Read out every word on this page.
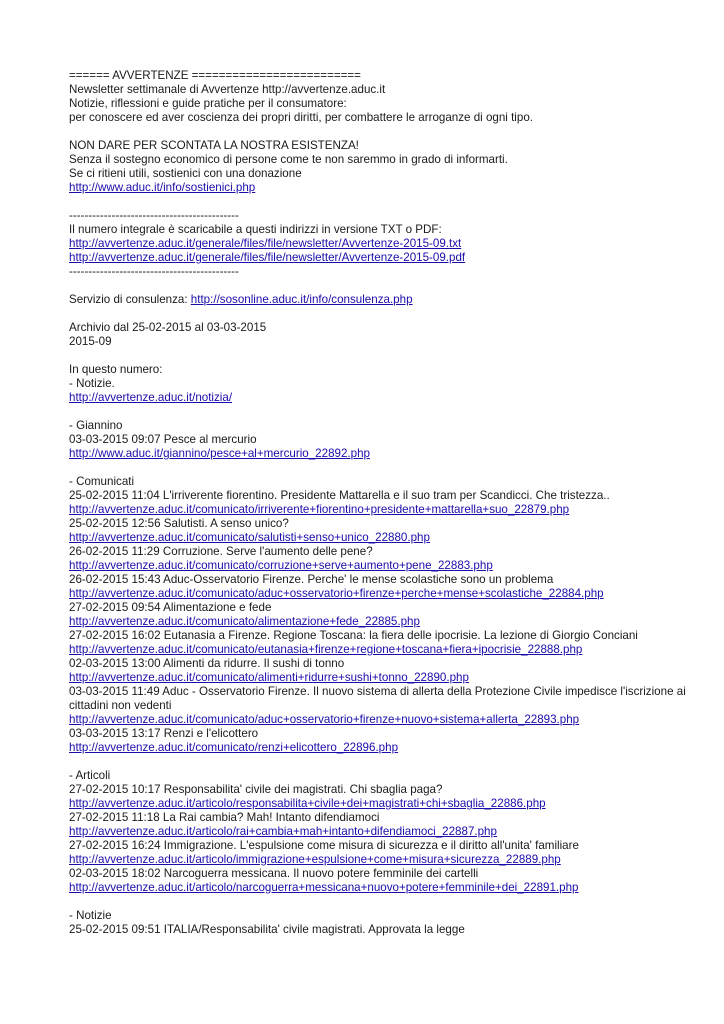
====== AVVERTENZE =========================
Newsletter settimanale di Avvertenze http://avvertenze.aduc.it
Notizie, riflessioni e guide pratiche per il consumatore:
per conoscere ed aver coscienza dei propri diritti, per combattere le arroganze di ogni tipo.
NON DARE PER SCONTATA LA NOSTRA ESISTENZA!
Senza il sostegno economico di persone come te non saremmo in grado di informarti.
Se ci ritieni utili, sostienici con una donazione
http://www.aduc.it/info/sostienici.php
--------------------------------------------
Il numero integrale è scaricabile a questi indirizzi in versione TXT o PDF:
http://avvertenze.aduc.it/generale/files/file/newsletter/Avvertenze-2015-09.txt
http://avvertenze.aduc.it/generale/files/file/newsletter/Avvertenze-2015-09.pdf
--------------------------------------------
Servizio di consulenza: http://sosonline.aduc.it/info/consulenza.php
Archivio dal 25-02-2015 al 03-03-2015
2015-09
In questo numero:
- Notizie.
http://avvertenze.aduc.it/notizia/
- Giannino
03-03-2015 09:07 Pesce al mercurio
http://www.aduc.it/giannino/pesce+al+mercurio_22892.php
- Comunicati
25-02-2015 11:04 L'irriverente fiorentino. Presidente Mattarella e il suo tram per Scandicci. Che tristezza..
http://avvertenze.aduc.it/comunicato/irriverente+fiorentino+presidente+mattarella+suo_22879.php
25-02-2015 12:56 Salutisti. A senso unico?
http://avvertenze.aduc.it/comunicato/salutisti+senso+unico_22880.php
26-02-2015 11:29 Corruzione. Serve l'aumento delle pene?
http://avvertenze.aduc.it/comunicato/corruzione+serve+aumento+pene_22883.php
26-02-2015 15:43 Aduc-Osservatorio Firenze. Perche' le mense scolastiche sono un problema
http://avvertenze.aduc.it/comunicato/aduc+osservatorio+firenze+perche+mense+scolastiche_22884.php
27-02-2015 09:54 Alimentazione e fede
http://avvertenze.aduc.it/comunicato/alimentazione+fede_22885.php
27-02-2015 16:02 Eutanasia a Firenze. Regione Toscana: la fiera delle ipocrisie. La lezione di Giorgio Conciani
http://avvertenze.aduc.it/comunicato/eutanasia+firenze+regione+toscana+fiera+ipocrisie_22888.php
02-03-2015 13:00 Alimenti da ridurre. Il sushi di tonno
http://avvertenze.aduc.it/comunicato/alimenti+ridurre+sushi+tonno_22890.php
03-03-2015 11:49 Aduc - Osservatorio Firenze. Il nuovo sistema di allerta della Protezione Civile impedisce l'iscrizione ai cittadini non vedenti
http://avvertenze.aduc.it/comunicato/aduc+osservatorio+firenze+nuovo+sistema+allerta_22893.php
03-03-2015 13:17 Renzi e l'elicottero
http://avvertenze.aduc.it/comunicato/renzi+elicottero_22896.php
- Articoli
27-02-2015 10:17 Responsabilita' civile dei magistrati. Chi sbaglia paga?
http://avvertenze.aduc.it/articolo/responsabilita+civile+dei+magistrati+chi+sbaglia_22886.php
27-02-2015 11:18 La Rai cambia? Mah! Intanto difendiamoci
http://avvertenze.aduc.it/articolo/rai+cambia+mah+intanto+difendiamoci_22887.php
27-02-2015 16:24 Immigrazione. L'espulsione come misura di sicurezza e il diritto all'unita' familiare
http://avvertenze.aduc.it/articolo/immigrazione+espulsione+come+misura+sicurezza_22889.php
02-03-2015 18:02 Narcoguerra messicana. Il nuovo potere femminile dei cartelli
http://avvertenze.aduc.it/articolo/narcoguerra+messicana+nuovo+potere+femminile+dei_22891.php
- Notizie
25-02-2015 09:51 ITALIA/Responsabilita' civile magistrati. Approvata la legge
